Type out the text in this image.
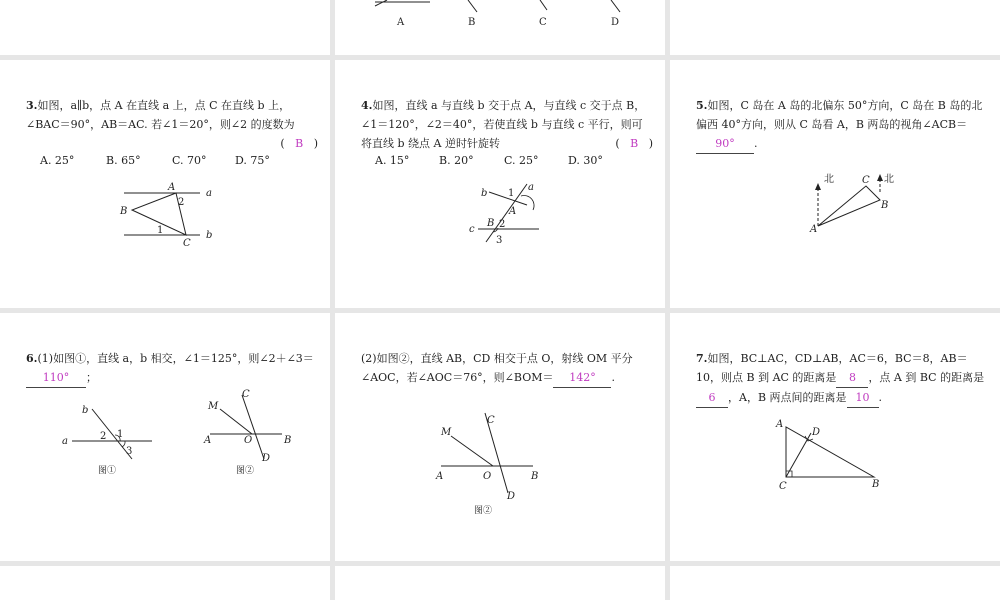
A	B	C	D
3.如图，a∥b，点 A 在直线 a 上，点 C 在直线 b 上，∠BAC＝90°，AB＝AC. 若∠1＝20°，则∠2 的度数为
( B )
A. 25°	B. 65°	C. 70°	D. 75°
A
B
C
a
b
1
2
4.如图，直线 a 与直线 b 交于点 A，与直线 c 交于点 B，∠1＝120°，∠2＝40°，若使直线 b 与直线 c 平行，则可将直线 b 绕点 A 逆时针旋转	( B )
A. 15°	B. 20°	C. 25°	D. 30°
a
b
c
A
B
1
2
3
5.如图，C 岛在 A 岛的北偏东 50°方向，C 岛在 B 岛的北偏西 40°方向，则从 C 岛看 A，B 两岛的视角∠ACB＝90° .
北	北
A
B
C
6.(1)如图①，直线 a，b 相交，∠1＝125°，则∠2＋∠3＝110° ；
b
a
1
2
3
图①
C
M
A	O	B
D
图②
(2)如图②，直线 AB，CD 相交于点 O，射线 OM 平分∠AOC，若∠AOC＝76°，则∠BOM＝ 142° .
C
M
A	O	B
D
图②
7.如图，BC⊥AC，CD⊥AB，AC＝6，BC＝8，AB＝10，则点 B 到 AC 的距离是 8 ，点 A 到 BC 的距离是6 ，A，B 两点间的距离是 10 .
A
D
C	B
